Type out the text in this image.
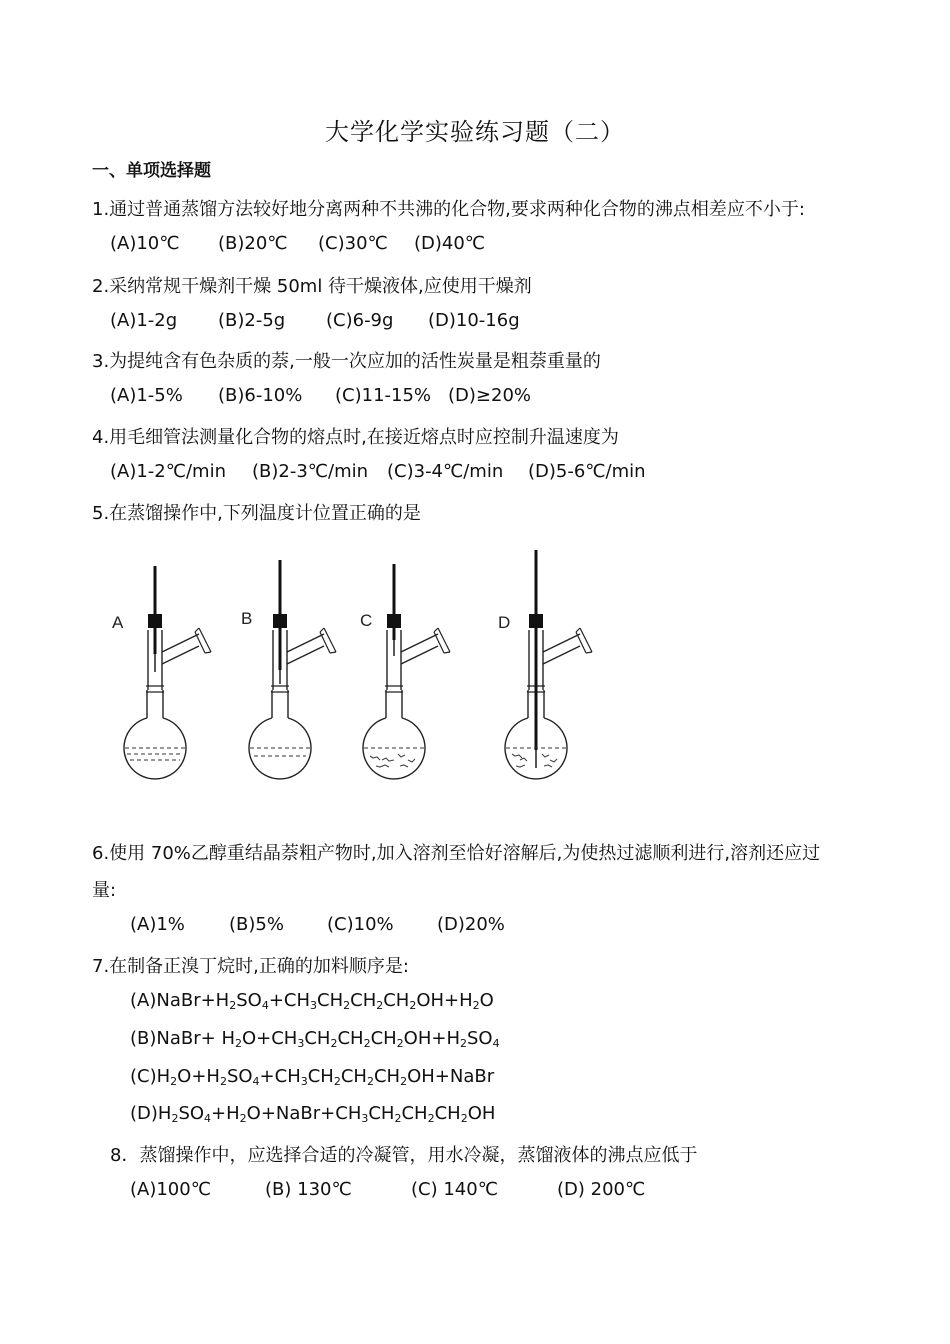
大学化学实验练习题（二）
一、单项选择题
1.通过普通蒸馏方法较好地分离两种不共沸的化合物,要求两种化合物的沸点相差应不小于:
(A)10℃ (B)20℃ (C)30℃ (D)40℃
2.采纳常规干燥剂干燥 50ml 待干燥液体,应使用干燥剂
(A)1-2g (B)2-5g (C)6-9g (D)10-16g
3.为提纯含有色杂质的萘,一般一次应加的活性炭量是粗萘重量的
(A)1-5% (B)6-10% (C)11-15% (D)≥20%
4.用毛细管法测量化合物的熔点时,在接近熔点时应控制升温速度为
(A)1-2℃/min (B)2-3℃/min (C)3-4℃/min (D)5-6℃/min
5.在蒸馏操作中,下列温度计位置正确的是
A	B	C	D
6.使用 70%乙醇重结晶萘粗产物时,加入溶剂至恰好溶解后,为使热过滤顺利进行,溶剂还应过
量:
(A)1% (B)5% (C)10% (D)20%
7.在制备正溴丁烷时,正确的加料顺序是:
$(A)NaBr+H_2SO_4+CH_3CH_2CH_2CH_2OH+H_2O$
(B)NaBr+ $H_2O+CH_3CH_2CH_2CH_2OH+H_2SO_4$
$(C)H_2O+H_2SO_4+CH_3CH_2CH_2CH_2OH+NaBr$
$(D)H_2SO_4+H_2O+NaBr+CH_3CH_2CH_2CH_2OH$
8．蒸馏操作中，应选择合适的冷凝管，用水冷凝，蒸馏液体的沸点应低于
(A)100℃	(B) 130℃	(C) 140℃	(D) 200℃
